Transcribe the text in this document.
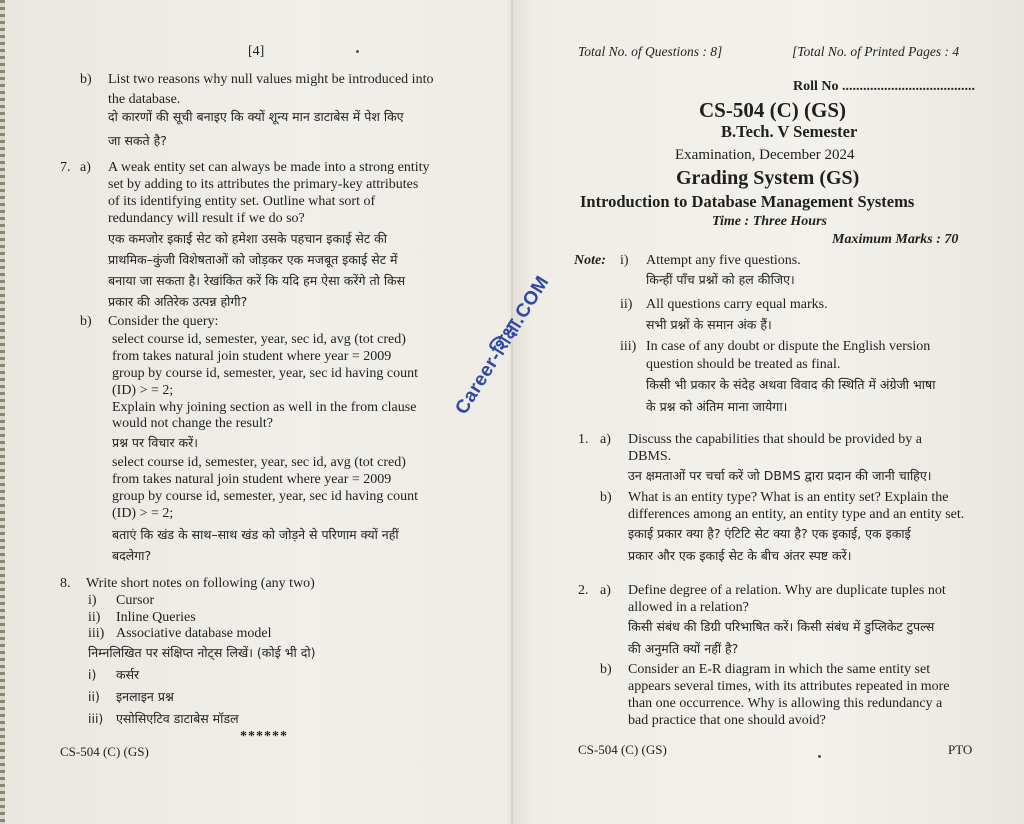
[4]
b) List two reasons why null values might be introduced into
the database.
दो कारणों की सूची बनाइए कि क्यों शून्य मान डाटाबेस में पेश किए
जा सकते है?
7. a) A weak entity set can always be made into a strong entity
set by adding to its attributes the primary-key attributes
of its identifying entity set. Outline what sort of
redundancy will result if we do so?
एक कमजोर इकाई सेट को हमेशा उसके पहचान इकाई सेट की
प्राथमिक–कुंजी विशेषताओं को जोड़कर एक मजबूत इकाई सेट में
बनाया जा सकता है। रेखांकित करें कि यदि हम ऐसा करेंगे तो किस
प्रकार की अतिरेक उत्पन्न होगी?
b) Consider the query:
select course id, semester, year, sec id, avg (tot cred)
from takes natural join student where year = 2009
group by course id, semester, year, sec id having count
(ID) > = 2;
Explain why joining section as well in the from clause
would not change the result?
प्रश्न पर विचार करें।
select course id, semester, year, sec id, avg (tot cred)
from takes natural join student where year = 2009
group by course id, semester, year, sec id having count
(ID) > = 2;
बताएं कि खंड के साथ–साथ खंड को जोड़ने से परिणाम क्यों नहीं
बदलेगा?
8. Write short notes on following (any two)
i) Cursor
ii) Inline Queries
iii) Associative database model
निम्नलिखित पर संक्षिप्त नोट्स लिखें। (कोई भी दो)
i) कर्सर
ii) इनलाइन प्रश्न
iii) एसोसिएटिव डाटाबेस मॉडल
******
CS-504 (C) (GS)
Career-शिक्षा.COM
Total No. of Questions : 8]	[Total No. of Printed Pages : 4
Roll No ......................................
CS-504 (C) (GS)
B.Tech. V Semester
Examination, December 2024
Grading System (GS)
Introduction to Database Management Systems
Time : Three Hours
Maximum Marks : 70
Note: i) Attempt any five questions.
किन्हीं पाँच प्रश्नों को हल कीजिए।
ii) All questions carry equal marks.
सभी प्रश्नों के समान अंक हैं।
iii) In case of any doubt or dispute the English version
question should be treated as final.
किसी भी प्रकार के संदेह अथवा विवाद की स्थिति में अंग्रेजी भाषा
के प्रश्न को अंतिम माना जायेगा।
1. a) Discuss the capabilities that should be provided by a
DBMS.
उन क्षमताओं पर चर्चा करें जो DBMS द्वारा प्रदान की जानी चाहिए।
b) What is an entity type? What is an entity set? Explain the
differences among an entity, an entity type and an entity set.
इकाई प्रकार क्या है? एंटिटि सेट क्या है? एक इकाई, एक इकाई
प्रकार और एक इकाई सेट के बीच अंतर स्पष्ट करें।
2. a) Define degree of a relation. Why are duplicate tuples not
allowed in a relation?
किसी संबंध की डिग्री परिभाषित करें। किसी संबंध में डुप्लिकेट टुपल्स
की अनुमति क्यों नहीं है?
b) Consider an E-R diagram in which the same entity set
appears several times, with its attributes repeated in more
than one occurrence. Why is allowing this redundancy a
bad practice that one should avoid?
CS-504 (C) (GS)	PTO
